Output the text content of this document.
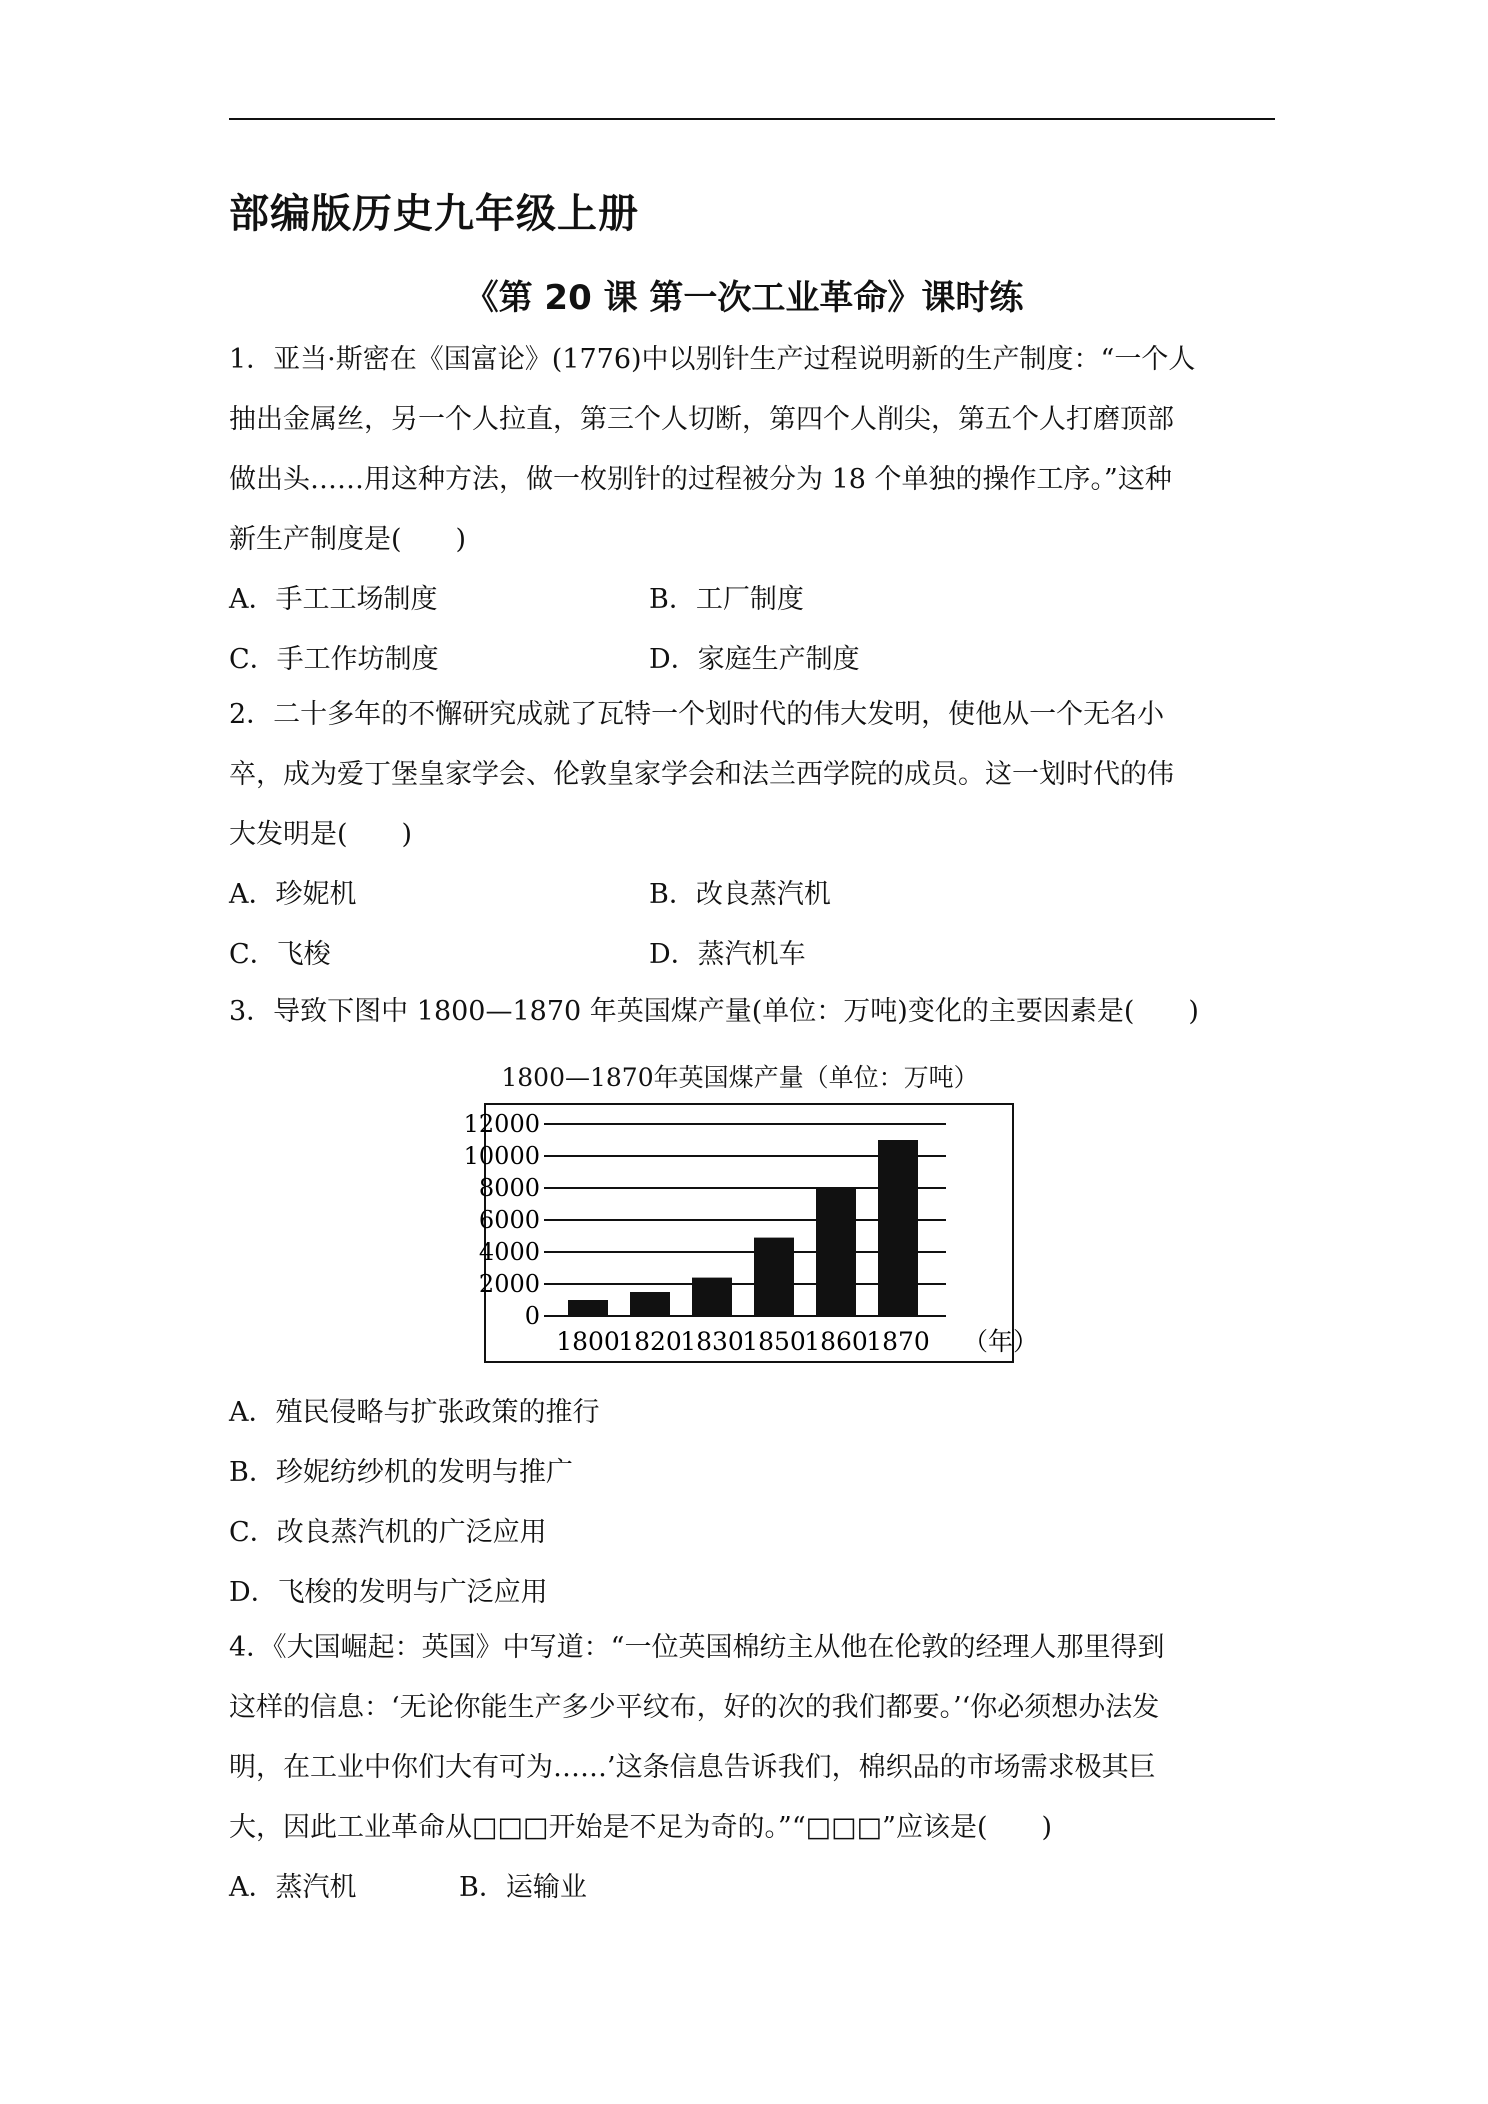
部编版历史九年级上册
《第 20 课 第一次工业革命》课时练
1．亚当·斯密在《国富论》(1776)中以别针生产过程说明新的生产制度：“一个人
抽出金属丝，另一个人拉直，第三个人切断，第四个人削尖，第五个人打磨顶部
做出头……用这种方法，做一枚别针的过程被分为 18 个单独的操作工序。”这种
新生产制度是(　　)
A．手工工场制度	B．工厂制度
C．手工作坊制度	D．家庭生产制度
2．二十多年的不懈研究成就了瓦特一个划时代的伟大发明，使他从一个无名小
卒，成为爱丁堡皇家学会、伦敦皇家学会和法兰西学院的成员。这一划时代的伟
大发明是(　　)
A．珍妮机	B．改良蒸汽机
C．飞梭	D．蒸汽机车
3．导致下图中 1800—1870 年英国煤产量(单位：万吨)变化的主要因素是(　　)
1800—1870年英国煤产量（单位：万吨）
12000
10000
8000
6000
4000
2000
0
1800
1820
1830
1850
1860
1870 （年）
A．殖民侵略与扩张政策的推行
B．珍妮纺纱机的发明与推广
C．改良蒸汽机的广泛应用
D．飞梭的发明与广泛应用
4．《大国崛起：英国》中写道：“一位英国棉纺主从他在伦敦的经理人那里得到
这样的信息：‘无论你能生产多少平纹布，好的次的我们都要。’‘你必须想办法发
明，在工业中你们大有可为……’这条信息告诉我们，棉织品的市场需求极其巨
大，因此工业革命从□□□开始是不足为奇的。”“□□□”应该是(　　)
A．蒸汽机	B．运输业
